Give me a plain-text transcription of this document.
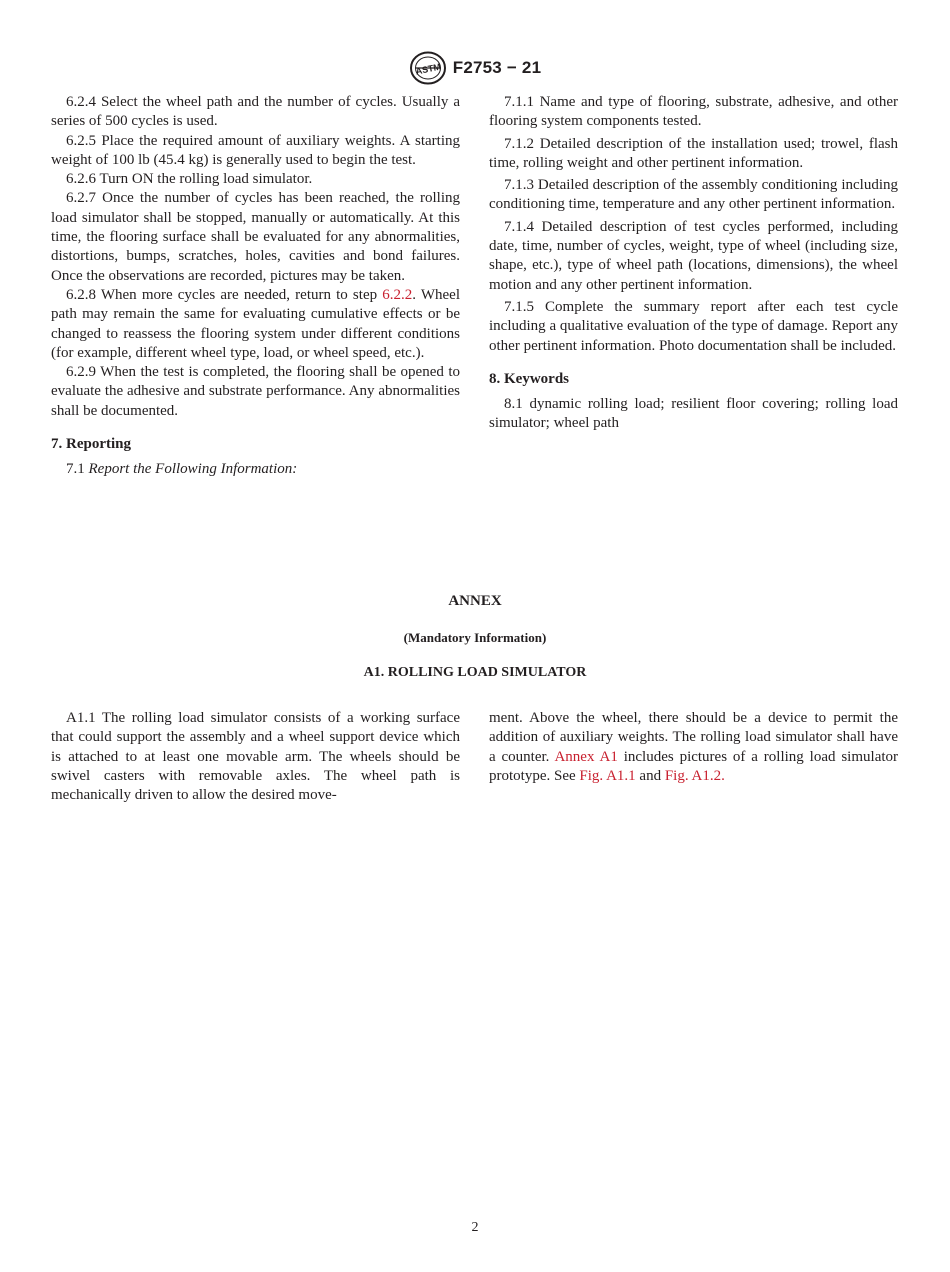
ASTM F2753 − 21

6.2.4 Select the wheel path and the number of cycles. Usually a series of 500 cycles is used.

6.2.5 Place the required amount of auxiliary weights. A starting weight of 100 lb (45.4 kg) is generally used to begin the test.

6.2.6 Turn ON the rolling load simulator.

6.2.7 Once the number of cycles has been reached, the rolling load simulator shall be stopped, manually or automatically. At this time, the flooring surface shall be evaluated for any abnormalities, distortions, bumps, scratches, holes, cavities and bond failures. Once the observations are recorded, pictures may be taken.

6.2.8 When more cycles are needed, return to step 6.2.2. Wheel path may remain the same for evaluating cumulative effects or be changed to reassess the flooring system under different conditions (for example, different wheel type, load, or wheel speed, etc.).

6.2.9 When the test is completed, the flooring shall be opened to evaluate the adhesive and substrate performance. Any abnormalities shall be documented.

7. Reporting

7.1 Report the Following Information:

7.1.1 Name and type of flooring, substrate, adhesive, and other flooring system components tested.

7.1.2 Detailed description of the installation used; trowel, flash time, rolling weight and other pertinent information.

7.1.3 Detailed description of the assembly conditioning including conditioning time, temperature and any other pertinent information.

7.1.4 Detailed description of test cycles performed, including date, time, number of cycles, weight, type of wheel (including size, shape, etc.), type of wheel path (locations, dimensions), the wheel motion and any other pertinent information.

7.1.5 Complete the summary report after each test cycle including a qualitative evaluation of the type of damage. Report any other pertinent information. Photo documentation shall be included.

8. Keywords

8.1 dynamic rolling load; resilient floor covering; rolling load simulator; wheel path

ANNEX
(Mandatory Information)
A1. ROLLING LOAD SIMULATOR

A1.1 The rolling load simulator consists of a working surface that could support the assembly and a wheel support device which is attached to at least one movable arm. The wheels should be swivel casters with removable axles. The wheel path is mechanically driven to allow the desired move-

ment. Above the wheel, there should be a device to permit the addition of auxiliary weights. The rolling load simulator shall have a counter. Annex A1 includes pictures of a rolling load simulator prototype. See Fig. A1.1 and Fig. A1.2.

2
